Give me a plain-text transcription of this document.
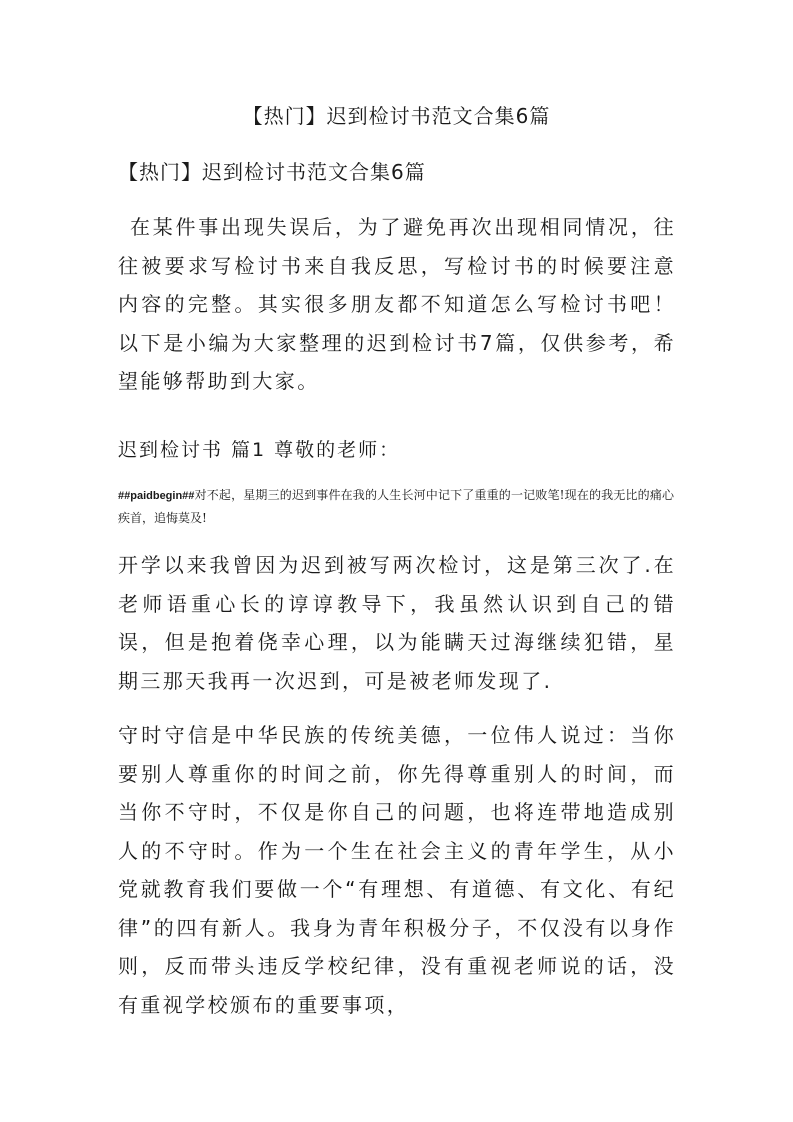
【热门】迟到检讨书范文合集6篇

【热门】迟到检讨书范文合集6篇

在某件事出现失误后，为了避免再次出现相同情况，往往被要求写检讨书来自我反思，写检讨书的时候要注意内容的完整。其实很多朋友都不知道怎么写检讨书吧！以下是小编为大家整理的迟到检讨书7篇，仅供参考，希望能够帮助到大家。

迟到检讨书 篇1 尊敬的老师：

##paidbegin##对不起，星期三的迟到事件在我的人生长河中记下了重重的一记败笔!现在的我无比的痛心疾首，追悔莫及!

开学以来我曾因为迟到被写两次检讨，这是第三次了.在老师语重心长的谆谆教导下，我虽然认识到自己的错误，但是抱着侥幸心理，以为能瞒天过海继续犯错，星期三那天我再一次迟到，可是被老师发现了.

守时守信是中华民族的传统美德，一位伟人说过：当你要别人尊重你的时间之前，你先得尊重别人的时间，而当你不守时，不仅是你自己的问题，也将连带地造成别人的不守时。作为一个生在社会主义的青年学生，从小党就教育我们要做一个“有理想、有道德、有文化、有纪律”的四有新人。我身为青年积极分子，不仅没有以身作则，反而带头违反学校纪律，没有重视老师说的话，没有重视学校颁布的重要事项，
